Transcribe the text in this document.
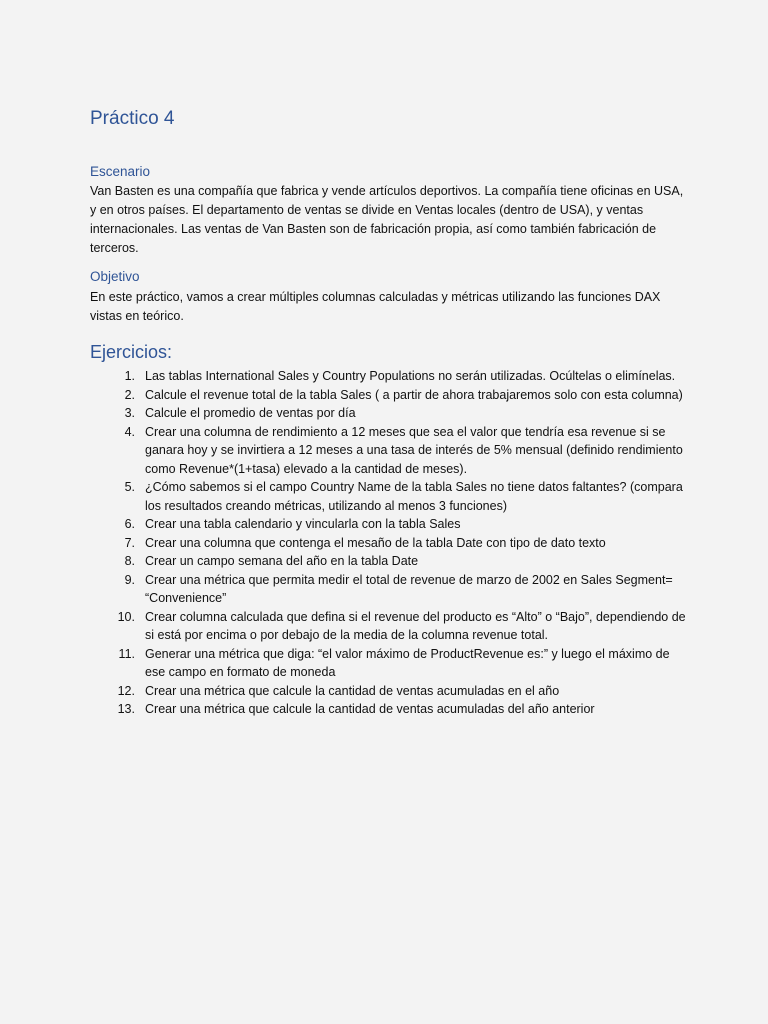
Práctico 4
Escenario

Van Basten es una compañía que fabrica y vende artículos deportivos. La compañía tiene oficinas en USA, y en otros países. El departamento de ventas se divide en Ventas locales (dentro de USA), y ventas internacionales. Las ventas de Van Basten son de fabricación propia, así como también fabricación de terceros.

Objetivo

En este práctico, vamos a crear múltiples columnas calculadas y métricas utilizando las funciones DAX vistas en teórico.

Ejercicios:
1. Las tablas International Sales y Country Populations no serán utilizadas. Ocúltelas o elimínelas.
2. Calcule el revenue total de la tabla Sales ( a partir de ahora trabajaremos solo con esta columna)
3. Calcule el promedio de ventas por día
4. Crear una columna de rendimiento a 12 meses que sea el valor que tendría esa revenue si se ganara hoy y se invirtiera a 12 meses a una tasa de interés de 5% mensual (definido rendimiento como Revenue*(1+tasa) elevado a la cantidad de meses).
5. ¿Cómo sabemos si el campo Country Name de la tabla Sales no tiene datos faltantes? (compara los resultados creando métricas, utilizando al menos 3 funciones)
6. Crear una tabla calendario y vincularla con la tabla Sales
7. Crear una columna que contenga el mesaño de la tabla Date con tipo de dato texto
8. Crear un campo semana del año en la tabla Date
9. Crear una métrica que permita medir el total de revenue de marzo de 2002 en Sales Segment= “Convenience”
10. Crear columna calculada que defina si el revenue del producto es “Alto” o “Bajo”, dependiendo de si está por encima o por debajo de la media de la columna revenue total.
11. Generar una métrica que diga: “el valor máximo de ProductRevenue es:” y luego el máximo de ese campo en formato de moneda
12. Crear una métrica que calcule la cantidad de ventas acumuladas en el año
13. Crear una métrica que calcule la cantidad de ventas acumuladas del año anterior
